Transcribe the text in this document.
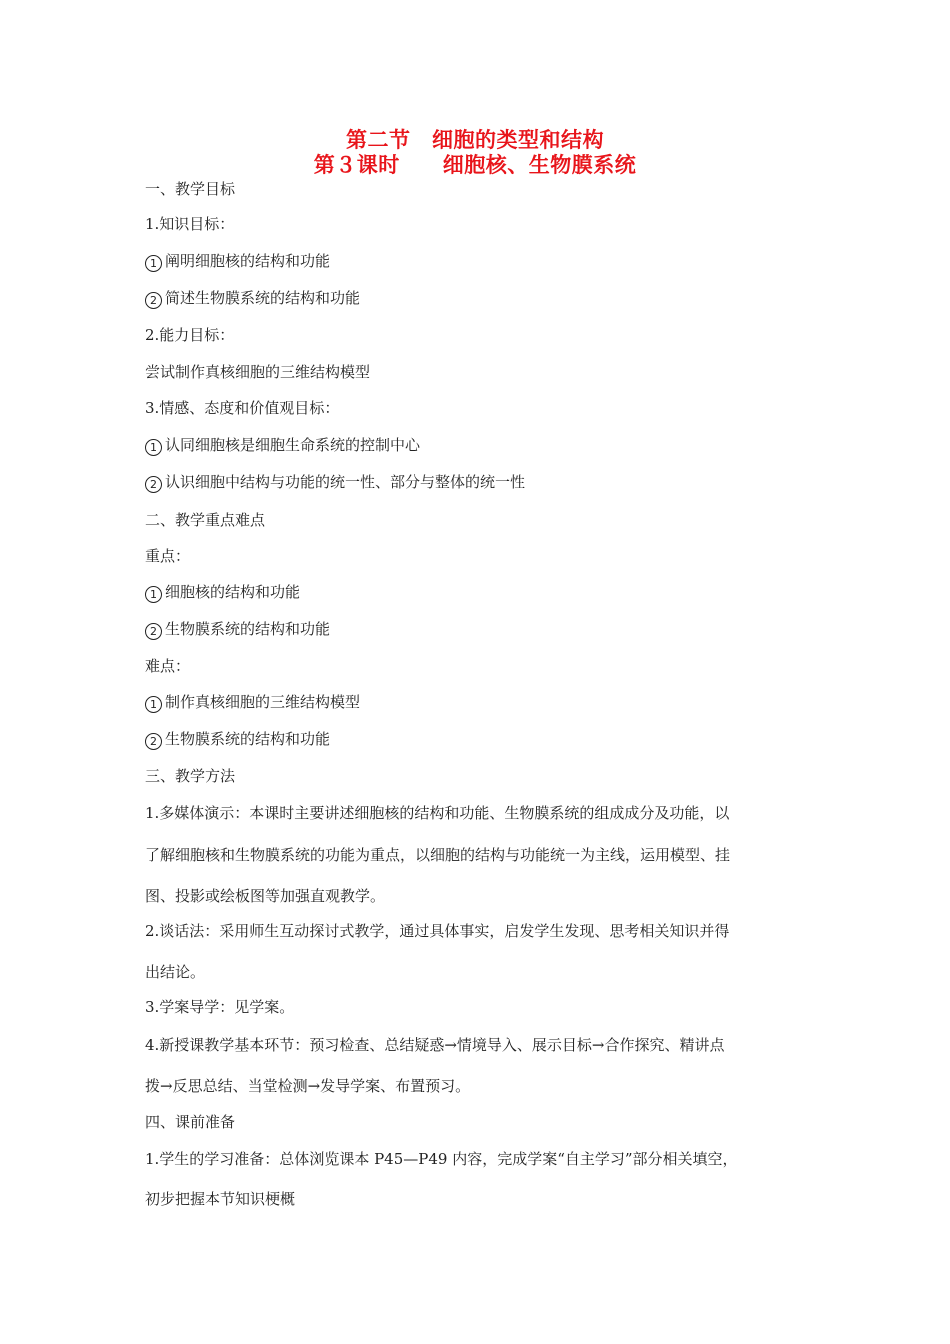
第二节　细胞的类型和结构
第３课时　　细胞核、生物膜系统
一、教学目标
1.知识目标：
1 阐明细胞核的结构和功能
2 简述生物膜系统的结构和功能
2.能力目标：
尝试制作真核细胞的三维结构模型
3.情感、态度和价值观目标：
1 认同细胞核是细胞生命系统的控制中心
2 认识细胞中结构与功能的统一性、部分与整体的统一性
二、教学重点难点
重点：
1 细胞核的结构和功能
2 生物膜系统的结构和功能
难点：
1 制作真核细胞的三维结构模型
2 生物膜系统的结构和功能
三、教学方法
1.多媒体演示：本课时主要讲述细胞核的结构和功能、生物膜系统的组成成分及功能，以
了解细胞核和生物膜系统的功能为重点，以细胞的结构与功能统一为主线，运用模型、挂
图、投影或绘板图等加强直观教学。
2.谈话法：采用师生互动探讨式教学，通过具体事实，启发学生发现、思考相关知识并得
出结论。
3.学案导学：见学案。
4.新授课教学基本环节：预习检查、总结疑惑→情境导入、展示目标→合作探究、精讲点
拨→反思总结、当堂检测→发导学案、布置预习。
四、课前准备
1.学生的学习准备：总体浏览课本 P45—P49 内容，完成学案“自主学习”部分相关填空，
初步把握本节知识梗概
